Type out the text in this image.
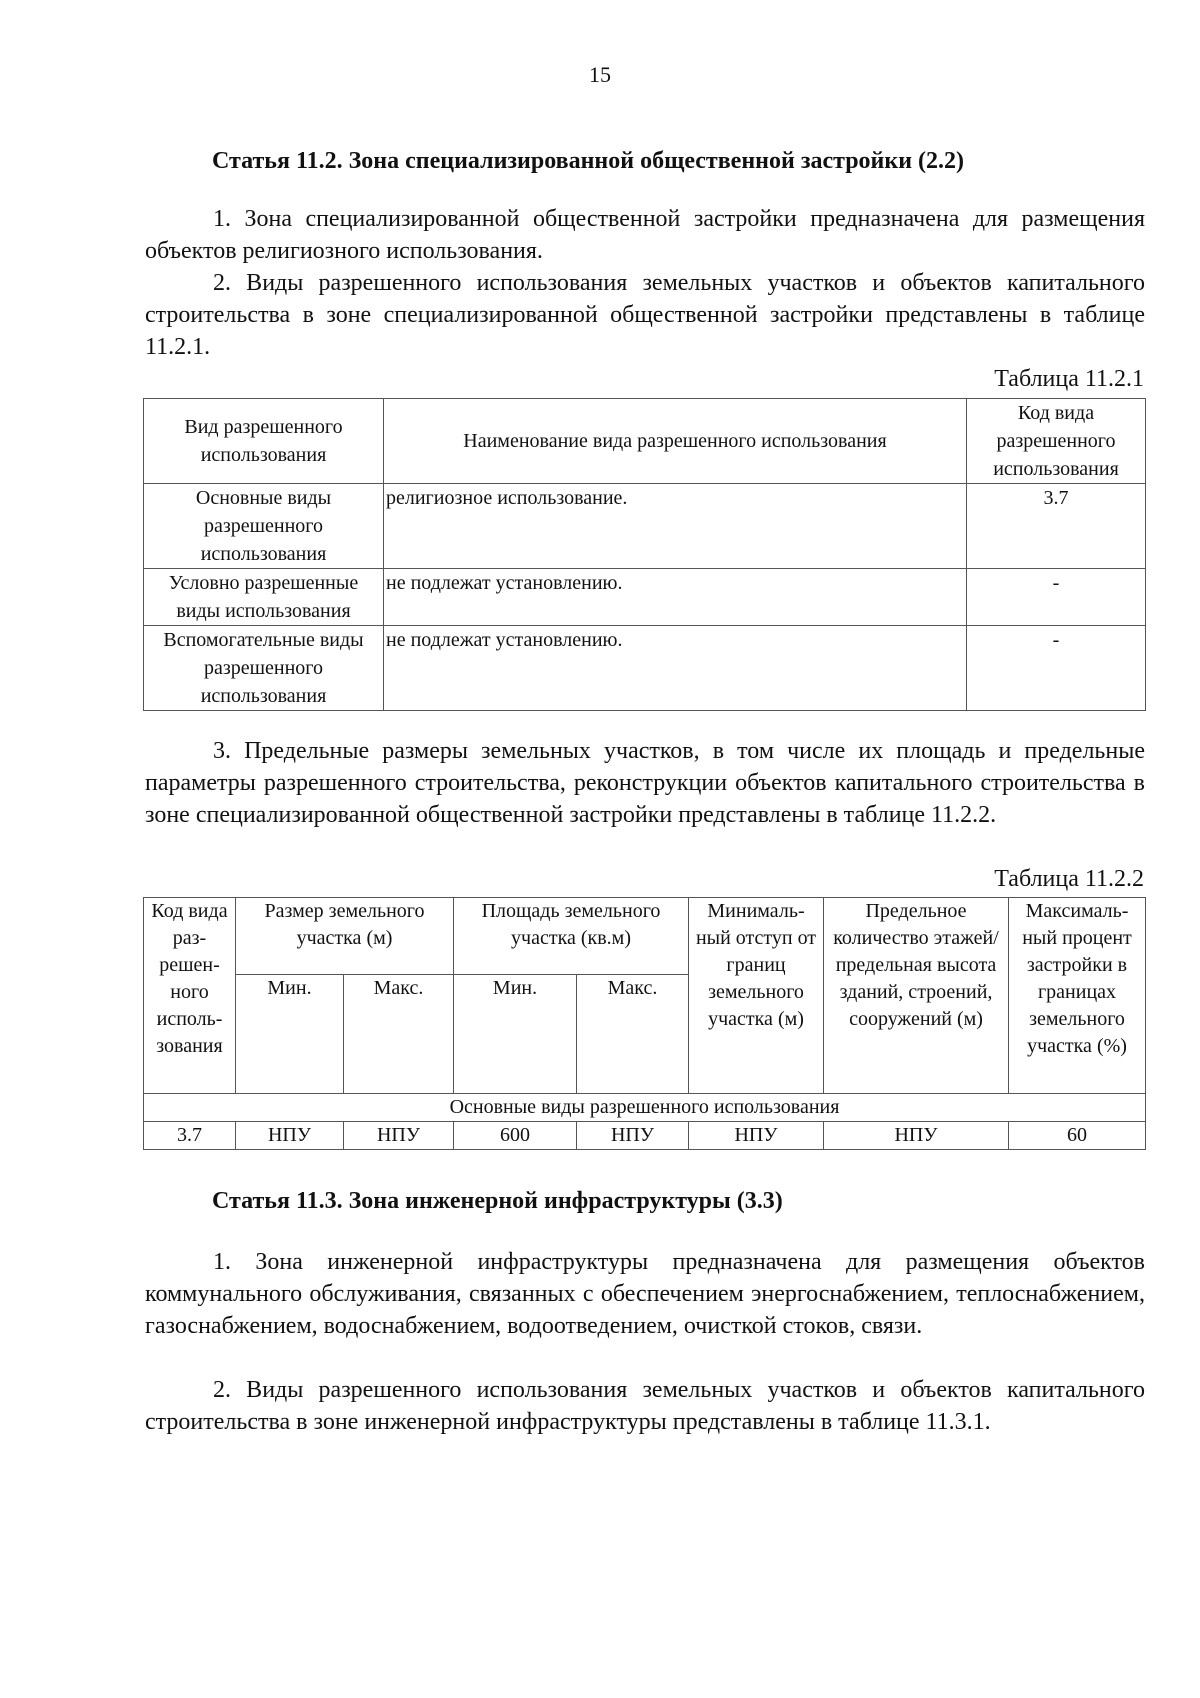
15
Статья 11.2. Зона специализированной общественной застройки (2.2)
1. Зона специализированной общественной застройки предназначена для размещения объектов религиозного использования.
2. Виды разрешенного использования земельных участков и объектов капитального строительства в зоне специализированной общественной застройки представлены в таблице 11.2.1.
Таблица 11.2.1
Вид разрешенного использования	Наименование вида разрешенного использования	Код вида разрешенного использования
Основные виды разрешенного использования	религиозное использование.	3.7
Условно разрешенные виды использования	не подлежат установлению.	-
Вспомогательные виды разрешенного использования	не подлежат установлению.	-
3. Предельные размеры земельных участков, в том числе их площадь и предельные параметры разрешенного строительства, реконструкции объектов капитального строительства в зоне специализированной общественной застройки представлены в таблице 11.2.2.
Таблица 11.2.2
Код вида раз-решен-ного исполь-зования	Размер земельного участка (м)		Площадь земельного участка (кв.м)		Минималь-ный отступ от границ земельного участка (м)	Предельное количество этажей/ предельная высота зданий, строений, сооружений (м)	Максималь-ный процент застройки в границах земельного участка (%)
	Мин.	Макс.	Мин.	Макс.			
Основные виды разрешенного использования							
3.7	НПУ	НПУ	600	НПУ	НПУ	НПУ	60
Статья 11.3. Зона инженерной инфраструктуры (3.3)
1. Зона инженерной инфраструктуры предназначена для размещения объектов коммунального обслуживания, связанных с обеспечением энергоснабжением, теплоснабжением, газоснабжением, водоснабжением, водоотведением, очисткой стоков, связи.
2. Виды разрешенного использования земельных участков и объектов капитального строительства в зоне инженерной инфраструктуры представлены в таблице 11.3.1.
